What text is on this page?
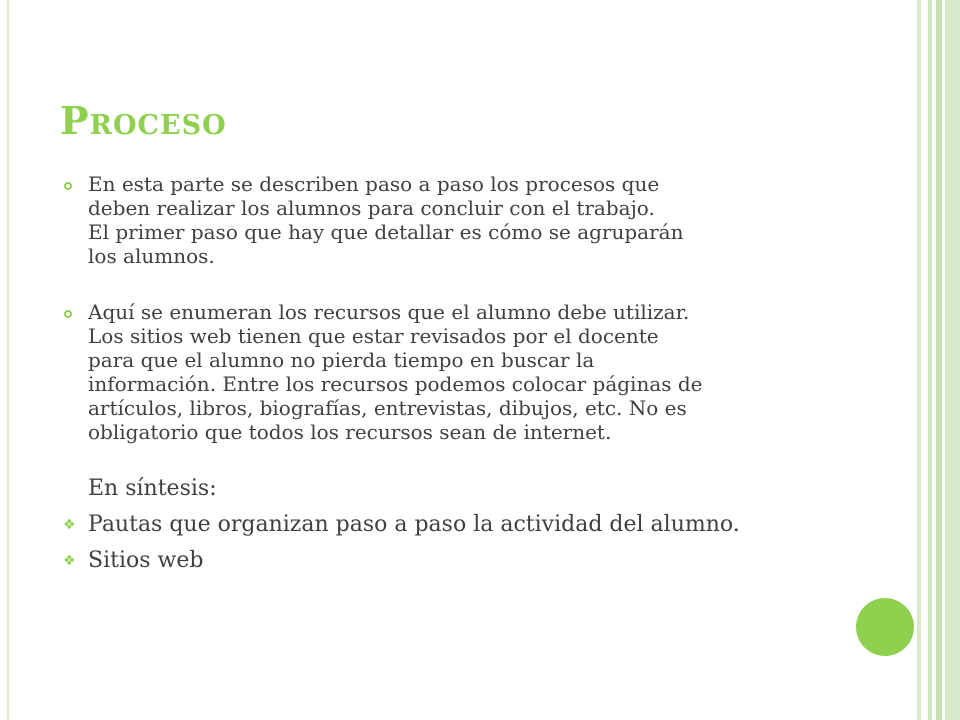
Proceso

En esta parte se describen paso a paso los procesos que
deben realizar los alumnos para concluir con el trabajo.
El primer paso que hay que detallar es cómo se agruparán
los alumnos.

Aquí se enumeran los recursos que el alumno debe utilizar.
Los sitios web tienen que estar revisados por el docente
para que el alumno no pierda tiempo en buscar la
información. Entre los recursos podemos colocar páginas de
artículos, libros, biografías, entrevistas, dibujos, etc. No es
obligatorio que todos los recursos sean de internet.

En síntesis:

❖ Pautas que organizan paso a paso la actividad del alumno.
❖ Sitios web
